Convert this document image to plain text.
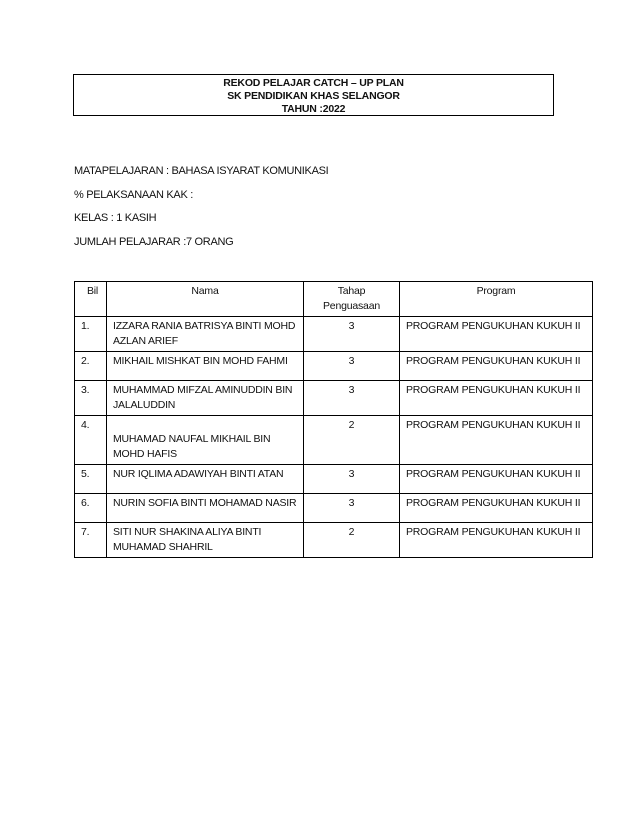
REKOD PELAJAR CATCH – UP PLAN
SK PENDIDIKAN KHAS SELANGOR
TAHUN :2022
MATAPELAJARAN : BAHASA ISYARAT KOMUNIKASI
% PELAKSANAAN KAK :
KELAS : 1 KASIH
JUMLAH PELAJARAR :7 ORANG
Bil	Nama	Tahap Penguasaan	Program
1.	IZZARA RANIA BATRISYA BINTI MOHD AZLAN ARIEF	3	PROGRAM PENGUKUHAN KUKUH II
2.	MIKHAIL MISHKAT BIN MOHD FAHMI	3	PROGRAM PENGUKUHAN KUKUH II
3.	MUHAMMAD MIFZAL AMINUDDIN BIN JALALUDDIN	3	PROGRAM PENGUKUHAN KUKUH II
4.	MUHAMAD NAUFAL MIKHAIL BIN MOHD HAFIS	2	PROGRAM PENGUKUHAN KUKUH II
5.	NUR IQLIMA ADAWIYAH BINTI ATAN	3	PROGRAM PENGUKUHAN KUKUH II
6.	NURIN SOFIA BINTI MOHAMAD NASIR	3	PROGRAM PENGUKUHAN KUKUH II
7.	SITI NUR SHAKINA ALIYA BINTI MUHAMAD SHAHRIL	2	PROGRAM PENGUKUHAN KUKUH II
